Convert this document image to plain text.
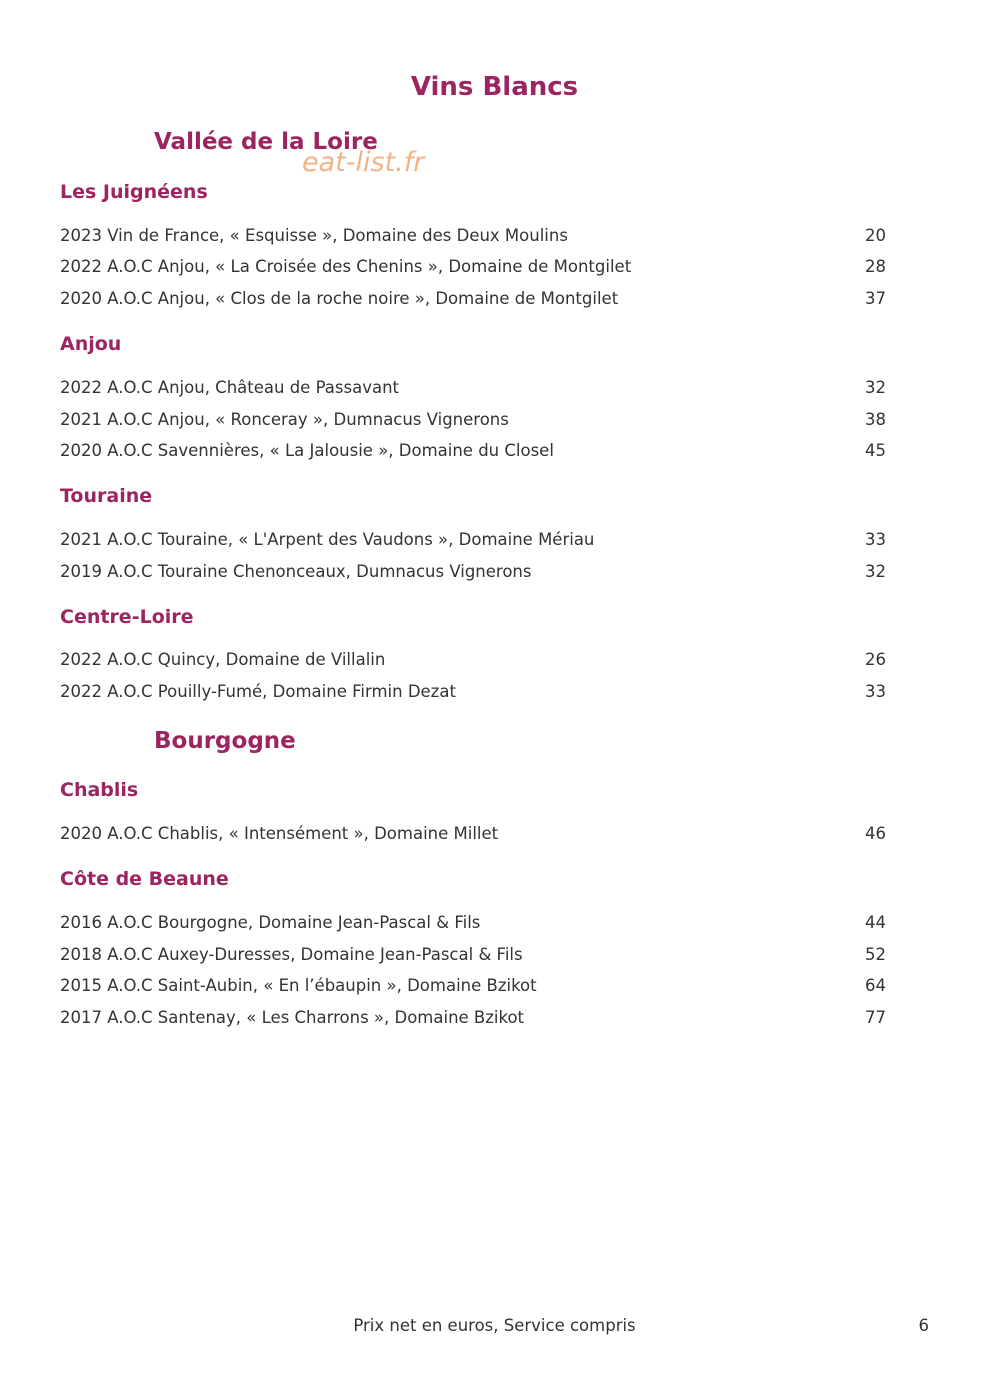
Vins Blancs
Vallée de la Loire
eat-list.fr
Les Juignéens
2023 Vin de France, « Esquisse », Domaine des Deux Moulins	20
2022 A.O.C Anjou, « La Croisée des Chenins », Domaine de Montgilet	28
2020 A.O.C Anjou, « Clos de la roche noire », Domaine de Montgilet	37
Anjou
2022 A.O.C Anjou, Château de Passavant	32
2021 A.O.C Anjou, « Ronceray », Dumnacus Vignerons	38
2020 A.O.C Savennières, « La Jalousie », Domaine du Closel	45
Touraine
2021 A.O.C Touraine, « L'Arpent des Vaudons », Domaine Mériau	33
2019 A.O.C Touraine Chenonceaux, Dumnacus Vignerons	32
Centre-Loire
2022 A.O.C Quincy, Domaine de Villalin	26
2022 A.O.C Pouilly-Fumé, Domaine Firmin Dezat	33
Bourgogne
Chablis
2020 A.O.C Chablis, « Intensément », Domaine Millet	46
Côte de Beaune
2016 A.O.C Bourgogne, Domaine Jean-Pascal & Fils	44
2018 A.O.C Auxey-Duresses, Domaine Jean-Pascal & Fils	52
2015 A.O.C Saint-Aubin, « En l’ébaupin », Domaine Bzikot	64
2017 A.O.C Santenay, « Les Charrons », Domaine Bzikot	77
Prix net en euros, Service compris	6
